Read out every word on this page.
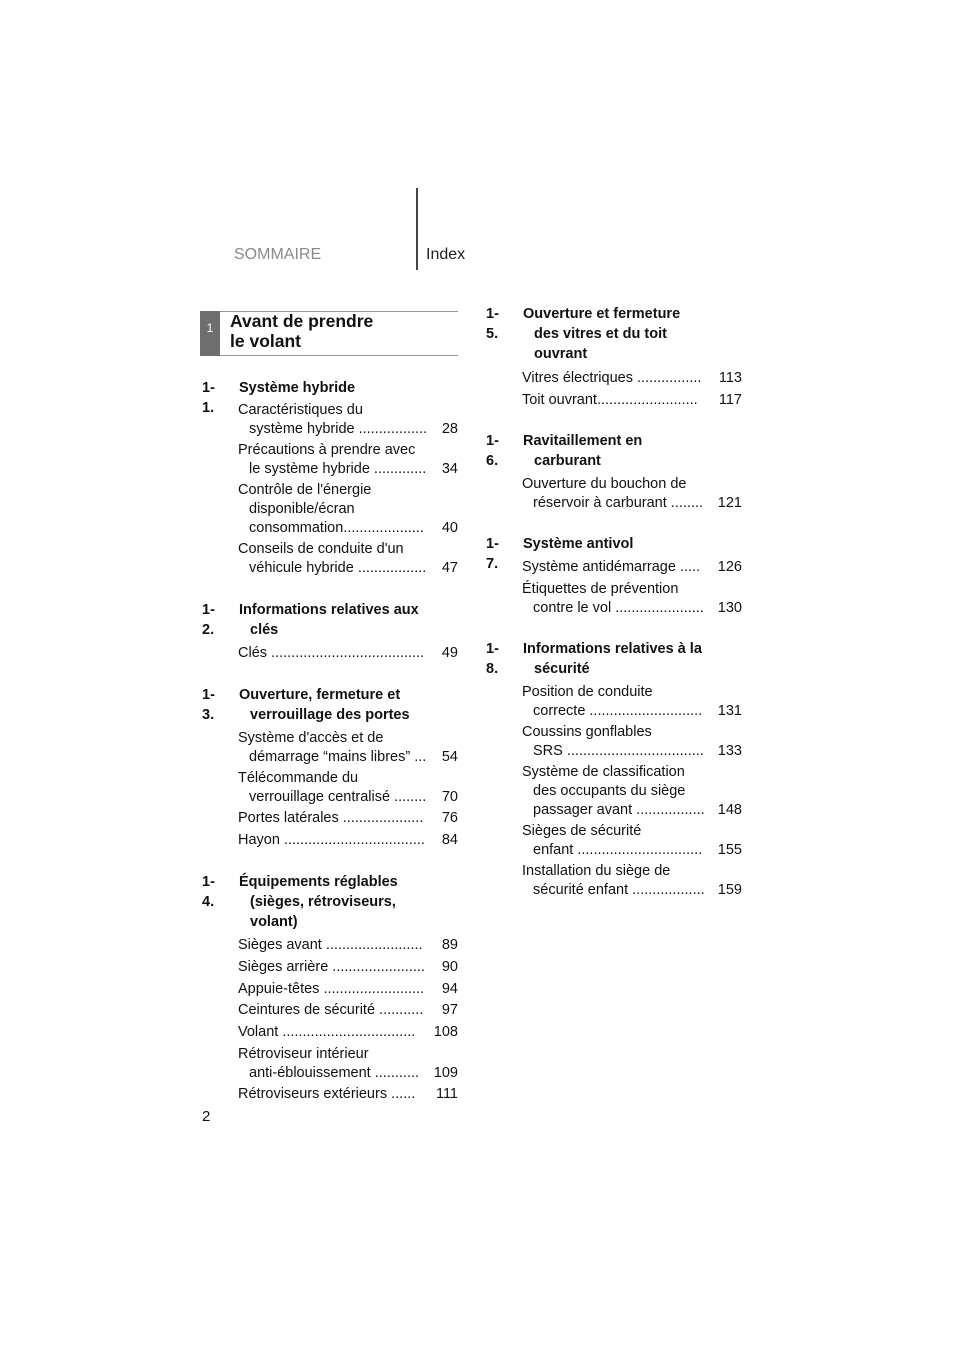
SOMMAIRE	Index
1 Avant de prendre
le volant
1-1.
Système hybride
Caractéristiques du
système hybride ................. 28
Précautions à prendre avec
le système hybride ............. 34
Contrôle de l'énergie
disponible/écran
consommation.................... 40
Conseils de conduite d'un
véhicule hybride ................. 47
1-2.
Informations relatives aux
clés
Clés ...................................... 49
1-3.
Ouverture, fermeture et
verrouillage des portes
Système d'accès et de
démarrage “mains libres” ... 54
Télécommande du
verrouillage centralisé ........ 70
Portes latérales .................... 76
Hayon ................................... 84
1-4.
Équipements réglables
(sièges, rétroviseurs,
volant)
Sièges avant ........................ 89
Sièges arrière ....................... 90
Appuie-têtes ......................... 94
Ceintures de sécurité ........... 97
Volant ................................. 108
Rétroviseur intérieur
anti-éblouissement ........... 109
Rétroviseurs extérieurs ...... 111
1-5.
Ouverture et fermeture
des vitres et du toit
ouvrant
Vitres électriques ................ 113
Toit ouvrant......................... 117
1-6.
Ravitaillement en
carburant
Ouverture du bouchon de
réservoir à carburant ........ 121
1-7.
Système antivol
Système antidémarrage ..... 126
Étiquettes de prévention
contre le vol ...................... 130
1-8.
Informations relatives à la
sécurité
Position de conduite
correcte ............................ 131
Coussins gonflables
SRS .................................. 133
Système de classification
des occupants du siège
passager avant ................. 148
Sièges de sécurité
enfant ............................... 155
Installation du siège de
sécurité enfant .................. 159
2
